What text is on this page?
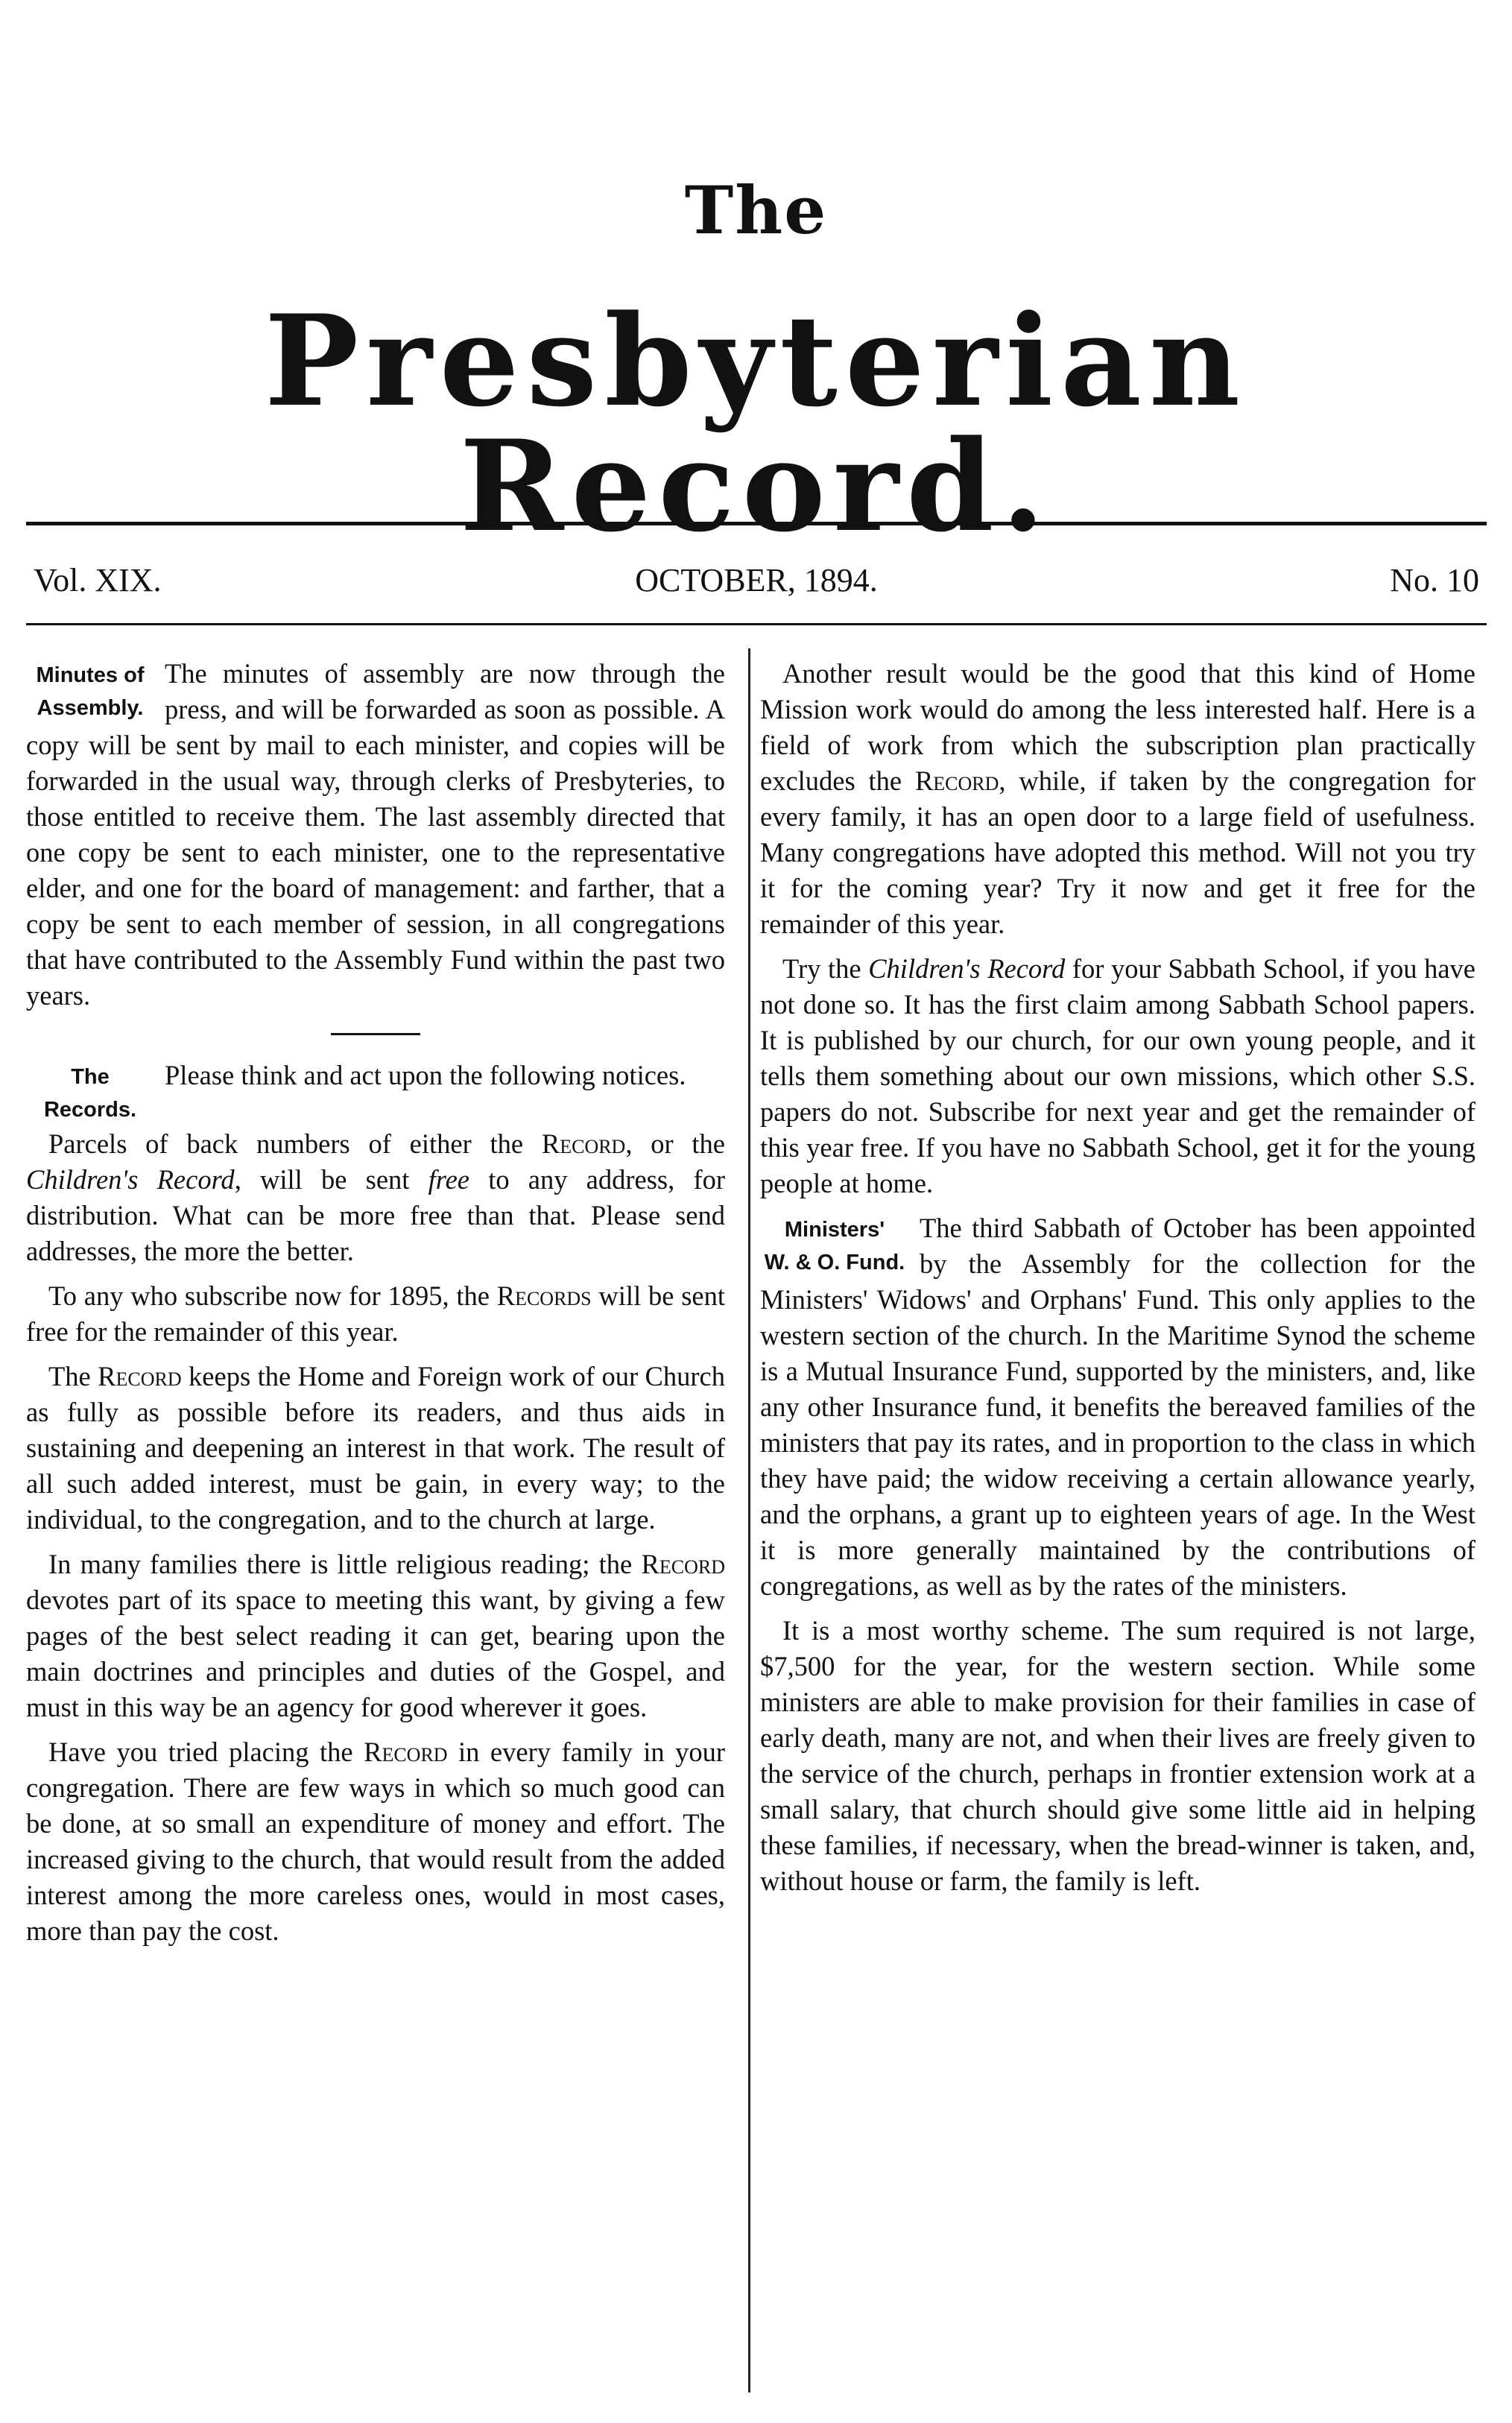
The
Presbyterian Record.
OCTOBER, 1894.
Vol. XIX.	No. 10

Minutes of
Assembly.
The minutes of assembly are now through the press, and will be forwarded as soon as possible. A copy will be sent by mail to each minister, and copies will be forwarded in the usual way, through clerks of Presbyteries, to those entitled to receive them. The last assembly directed that one copy be sent to each minister, one to the representative elder, and one for the board of management: and farther, that a copy be sent to each member of session, in all congregations that have contributed to the Assembly Fund within the past two years.

The
Records.
Please think and act upon the following notices.

Parcels of back numbers of either the Record, or the Children's Record, will be sent free to any address, for distribution. What can be more free than that. Please send addresses, the more the better.

To any who subscribe now for 1895, the Records will be sent free for the remainder of this year.

The Record keeps the Home and Foreign work of our Church as fully as possible before its readers, and thus aids in sustaining and deepening an interest in that work. The result of all such added interest, must be gain, in every way; to the individual, to the congregation, and to the church at large.

In many families there is little religious reading; the Record devotes part of its space to meeting this want, by giving a few pages of the best select reading it can get, bearing upon the main doctrines and principles and duties of the Gospel, and must in this way be an agency for good wherever it goes.

Have you tried placing the Record in every family in your congregation. There are few ways in which so much good can be done, at so small an expenditure of money and effort. The increased giving to the church, that would result from the added interest among the more careless ones, would in most cases, more than pay the cost.

Another result would be the good that this kind of Home Mission work would do among the less interested half. Here is a field of work from which the subscription plan practically excludes the Record, while, if taken by the congregation for every family, it has an open door to a large field of usefulness. Many congregations have adopted this method. Will not you try it for the coming year? Try it now and get it free for the remainder of this year.

Try the Children's Record for your Sabbath School, if you have not done so. It has the first claim among Sabbath School papers. It is published by our church, for our own young people, and it tells them something about our own missions, which other S.S. papers do not. Subscribe for next year and get the remainder of this year free. If you have no Sabbath School, get it for the young people at home.

Ministers'
W. & O. Fund.
The third Sabbath of October has been appointed by the Assembly for the collection for the Ministers' Widows' and Orphans' Fund. This only applies to the western section of the church. In the Maritime Synod the scheme is a Mutual Insurance Fund, supported by the ministers, and, like any other Insurance fund, it benefits the bereaved families of the ministers that pay its rates, and in proportion to the class in which they have paid; the widow receiving a certain allowance yearly, and the orphans, a grant up to eighteen years of age. In the West it is more generally maintained by the contributions of congregations, as well as by the rates of the ministers.

It is a most worthy scheme. The sum required is not large, $7,500 for the year, for the western section. While some ministers are able to make provision for their families in case of early death, many are not, and when their lives are freely given to the service of the church, perhaps in frontier extension work at a small salary, that church should give some little aid in helping these families, if necessary, when the bread-winner is taken, and, without house or farm, the family is left.
